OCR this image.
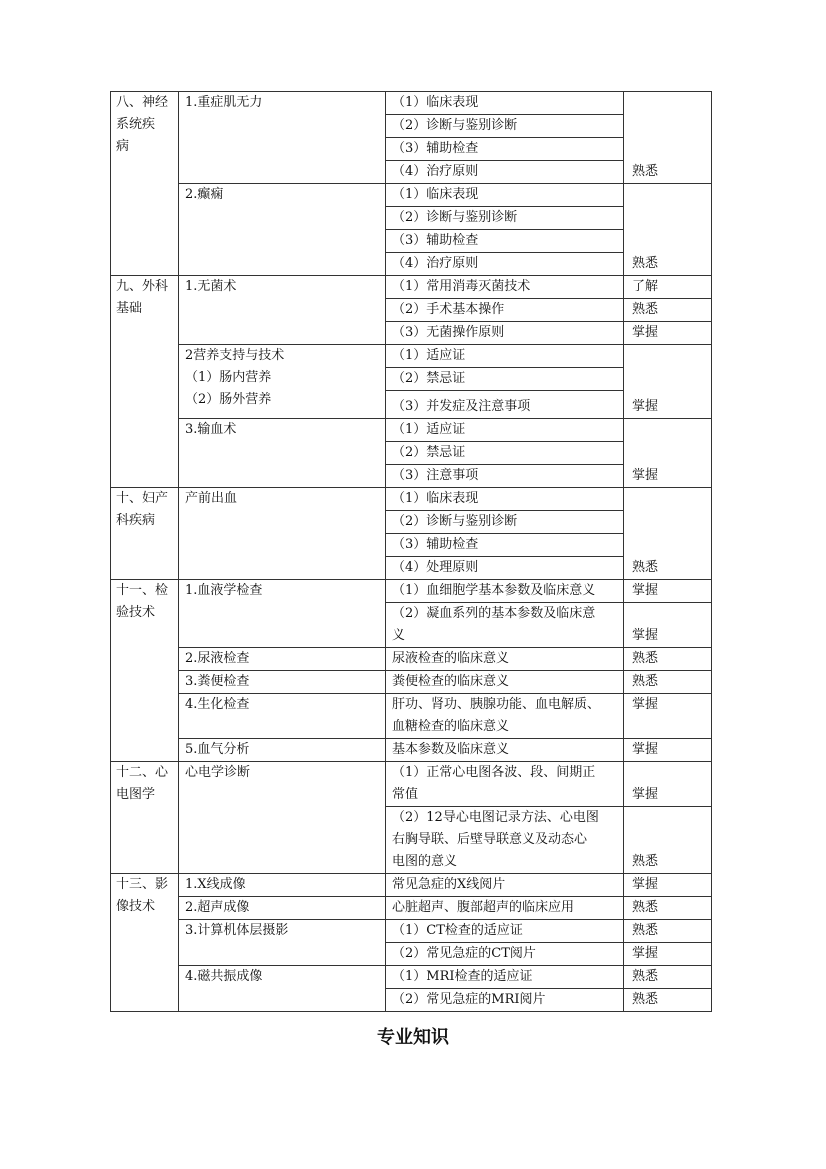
八、神经
系统疾
病	1.重症肌无力	（1）临床表现	熟悉
		（2）诊断与鉴别诊断	
		（3）辅助检查	
		（4）治疗原则	

	2.癫痫	（1）临床表现	熟悉
		（2）诊断与鉴别诊断	
		（3）辅助检查	
		（4）治疗原则	

九、外科
基础	1.无菌术	（1）常用消毒灭菌技术	了解
		（2）手术基本操作	熟悉
		（3）无菌操作原则	掌握

	2营养支持与技术
（1）肠内营养
（2）肠外营养	（1）适应证	掌握
		（2）禁忌证	
		（3）并发症及注意事项	

	3.输血术	（1）适应证	掌握
		（2）禁忌证	
		（3）注意事项	

十、妇产
科疾病	产前出血	（1）临床表现	熟悉
		（2）诊断与鉴别诊断	
		（3）辅助检查	
		（4）处理原则	

十一、检
验技术	1.血液学检查	（1）血细胞学基本参数及临床意义	掌握

		（2）凝血系列的基本参数及临床意
义	掌握
	2.尿液检查	尿液检查的临床意义	熟悉
	3.粪便检查	粪便检查的临床意义	熟悉
	4.生化检查	肝功、肾功、胰腺功能、血电解质、
血糖检查的临床意义	掌握
	5.血气分析	基本参数及临床意义	掌握

十二、心
电图学	心电学诊断	（1）正常心电图各波、段、间期正
常值	掌握

		（2）12导心电图记录方法、心电图
右胸导联、后壁导联意义及动态心
电图的意义	熟悉

十三、影
像技术	1.X线成像	常见急症的X线阅片	掌握
	2.超声成像	心脏超声、腹部超声的临床应用	熟悉

	3.计算机体层摄影	（1）CT检查的适应证	熟悉
		（2）常见急症的CT阅片	掌握

	4.磁共振成像	（1）MRI检查的适应证	熟悉
		（2）常见急症的MRI阅片	熟悉
专业知识
